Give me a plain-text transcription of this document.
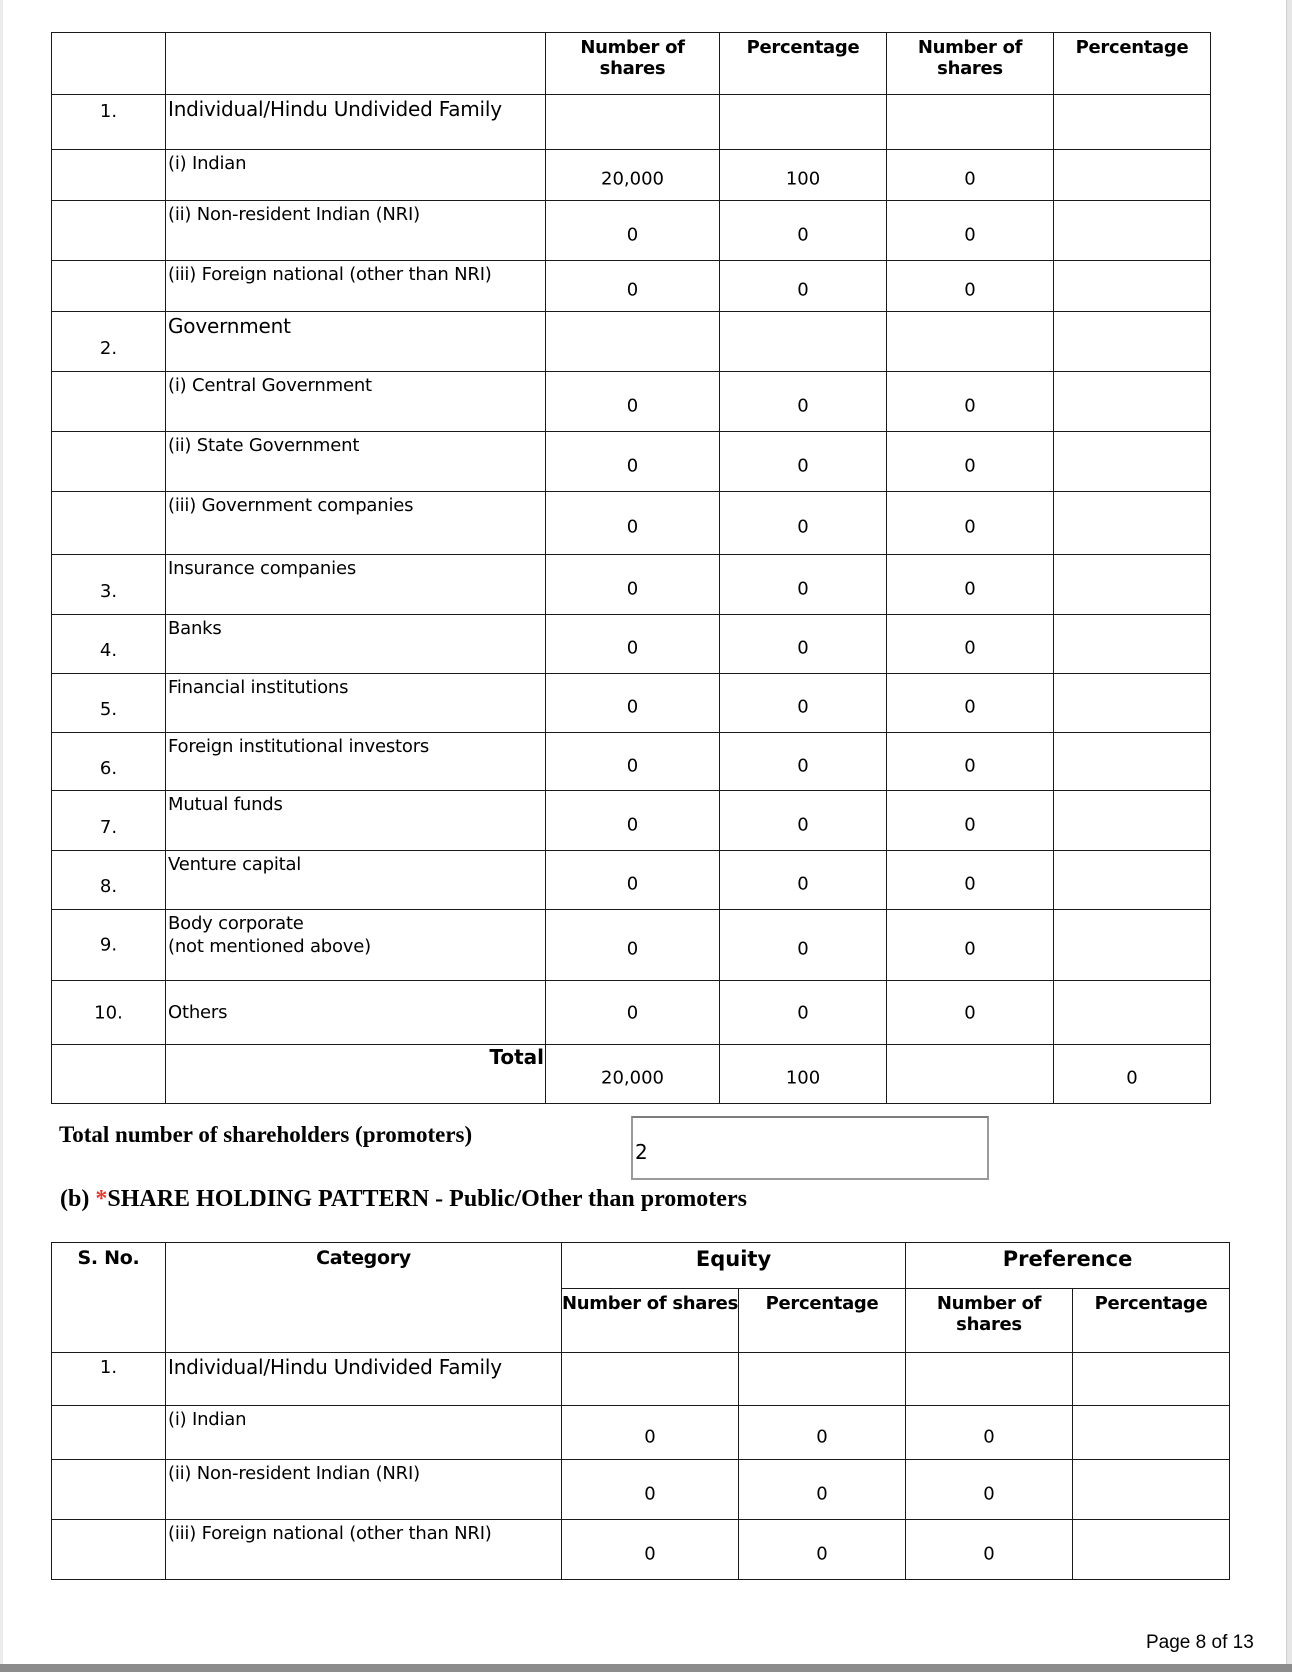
		Number of shares	Percentage	Number of shares	Percentage

1.	Individual/Hindu Undivided Family				

	(i) Indian	20,000	100	0	

	(ii) Non-resident Indian (NRI)	0	0	0	

	(iii) Foreign national (other than NRI)	0	0	0	

2.	Government				

	(i) Central Government	0	0	0	

	(ii) State Government	0	0	0	

	(iii) Government companies	0	0	0	

3.	Insurance companies	0	0	0	

4.	Banks	0	0	0	

5.	Financial institutions	0	0	0	

6.	Foreign institutional investors	0	0	0	

7.	Mutual funds	0	0	0	

8.	Venture capital	0	0	0	

9.	Body corporate
(not mentioned above)	0	0	0	

10.	Others	0	0	0	

	Total	20,000	100		0
Total number of shareholders (promoters)
2
(b) *SHARE HOLDING PATTERN - Public/Other than promoters
S. No.	Category	Equity		Preference	

		Number of shares	Percentage	Number of shares	Percentage

1.	Individual/Hindu Undivided Family				

	(i) Indian	0	0	0	

	(ii) Non-resident Indian (NRI)	0	0	0	

	(iii) Foreign national (other than NRI)	0	0	0	

Page 8 of 13
